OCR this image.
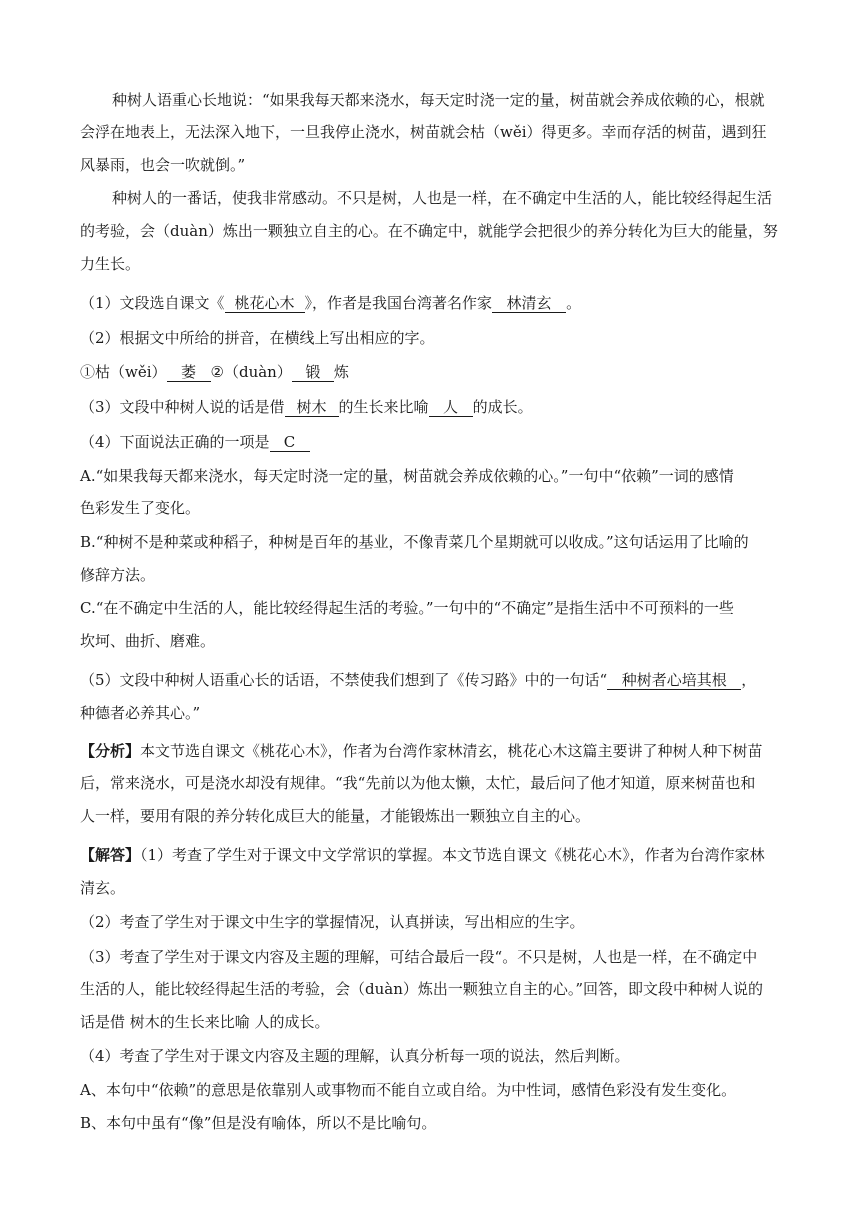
种树人语重心长地说：“如果我每天都来浇水，每天定时浇一定的量，树苗就会养成依赖的心，根就
会浮在地表上，无法深入地下，一旦我停止浇水，树苗就会枯（wěi）得更多。幸而存活的树苗，遇到狂
风暴雨，也会一吹就倒。”
种树人的一番话，使我非常感动。不只是树，人也是一样，在不确定中生活的人，能比较经得起生活
的考验，会（duàn）炼出一颗独立自主的心。在不确定中，就能学会把很少的养分转化为巨大的能量，努
力生长。
（1）文段选自课文《 桃花心木 》，作者是我国台湾著名作家 林清玄 。
（2）根据文中所给的拼音，在横线上写出相应的字。
①枯（wěi） 萎 ②（duàn） 锻 炼
（3）文段中种树人说的话是借 树木 的生长来比喻 人 的成长。
（4）下面说法正确的一项是 C
A.“如果我每天都来浇水，每天定时浇一定的量，树苗就会养成依赖的心。”一句中“依赖”一词的感情
色彩发生了变化。
B.“种树不是种菜或种稻子，种树是百年的基业，不像青菜几个星期就可以收成。”这句话运用了比喻的
修辞方法。
C.“在不确定中生活的人，能比较经得起生活的考验。”一句中的“不确定”是指生活中不可预料的一些
坎坷、曲折、磨难。
（5）文段中种树人语重心长的话语，不禁使我们想到了《传习路》中的一句话“ 种树者心培其根 ，
种德者必养其心。”
【分析】本文节选自课文《桃花心木》，作者为台湾作家林清玄，桃花心木这篇主要讲了种树人种下树苗
后，常来浇水，可是浇水却没有规律。“我“先前以为他太懒，太忙，最后问了他才知道，原来树苗也和
人一样，要用有限的养分转化成巨大的能量，才能锻炼出一颗独立自主的心。
【解答】（1）考查了学生对于课文中文学常识的掌握。本文节选自课文《桃花心木》，作者为台湾作家林
清玄。
（2）考查了学生对于课文中生字的掌握情况，认真拼读，写出相应的生字。
（3）考查了学生对于课文内容及主题的理解，可结合最后一段“。不只是树，人也是一样，在不确定中
生活的人，能比较经得起生活的考验，会（duàn）炼出一颗独立自主的心。”回答，即文段中种树人说的
话是借 树木的生长来比喻 人的成长。
（4）考查了学生对于课文内容及主题的理解，认真分析每一项的说法，然后判断。
A、本句中“依赖”的意思是依靠别人或事物而不能自立或自给。为中性词，感情色彩没有发生变化。
B、本句中虽有“像”但是没有喻体，所以不是比喻句。
